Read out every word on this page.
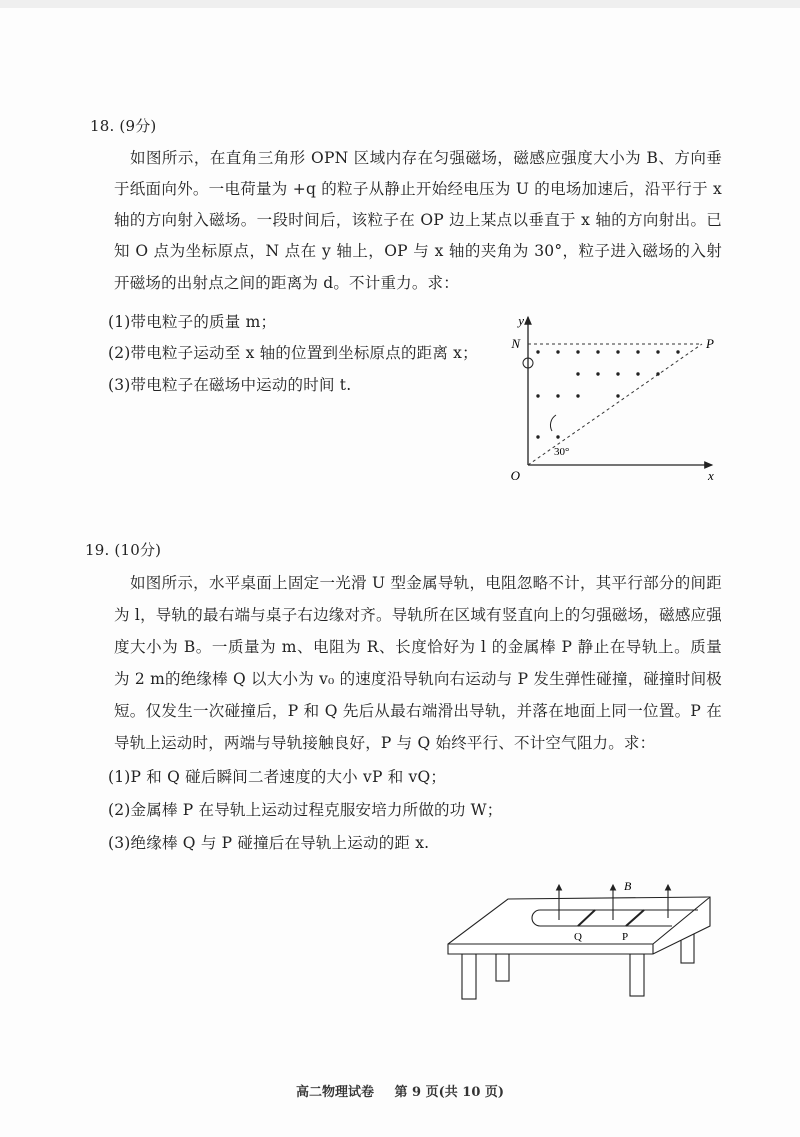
18. (9分)
如图所示，在直角三角形 OPN 区域内存在匀强磁场，磁感应强度大小为 B、方向垂
于纸面向外。一电荷量为 +q 的粒子从静止开始经电压为 U 的电场加速后，沿平行于 x
轴的方向射入磁场。一段时间后，该粒子在 OP 边上某点以垂直于 x 轴的方向射出。已
知 O 点为坐标原点，N 点在 y 轴上，OP 与 x 轴的夹角为 30°，粒子进入磁场的入射
开磁场的出射点之间的距离为 d。不计重力。求：
(1)带电粒子的质量 m；
(2)带电粒子运动至 x 轴的位置到坐标原点的距离 x；
(3)带电粒子在磁场中运动的时间 t.
y
N	P
O	x
30°
19. (10分)
如图所示，水平桌面上固定一光滑 U 型金属导轨，电阻忽略不计，其平行部分的间距
为 l，导轨的最右端与桌子右边缘对齐。导轨所在区域有竖直向上的匀强磁场，磁感应强
度大小为 B。一质量为 m、电阻为 R、长度恰好为 l 的金属棒 P 静止在导轨上。质量
为 2 m的绝缘棒 Q 以大小为 v₀ 的速度沿导轨向右运动与 P 发生弹性碰撞，碰撞时间极
短。仅发生一次碰撞后，P 和 Q 先后从最右端滑出导轨，并落在地面上同一位置。P 在
导轨上运动时，两端与导轨接触良好，P 与 Q 始终平行、不计空气阻力。求：
(1)P 和 Q 碰后瞬间二者速度的大小 vP 和 vQ；
(2)金属棒 P 在导轨上运动过程克服安培力所做的功 W；
(3)绝缘棒 Q 与 P 碰撞后在导轨上运动的距 x.
B
Q	P
高二物理试卷 第 9 页(共 10 页)
